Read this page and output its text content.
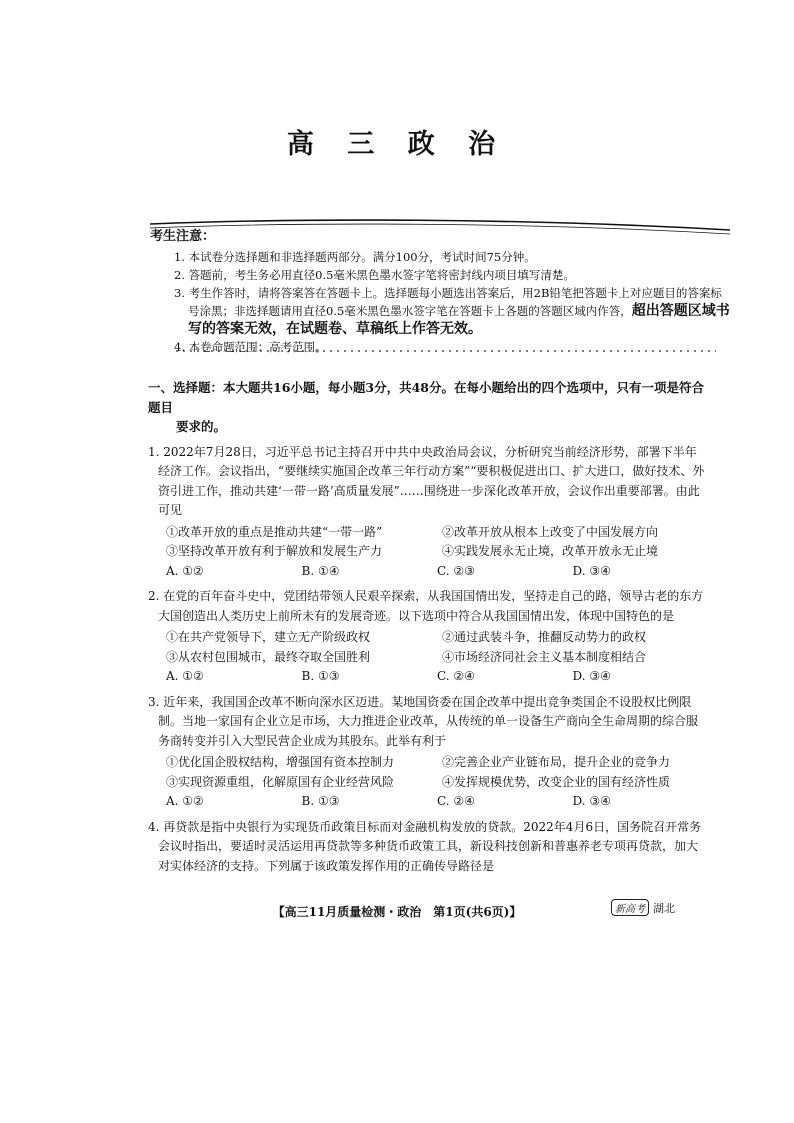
高 三 政 治
考生注意：
1. 本试卷分选择题和非选择题两部分。满分100分，考试时间75分钟。
2. 答题前，考生务必用直径0.5毫米黑色墨水签字笔将密封线内项目填写清楚。
3. 考生作答时，请将答案答在答题卡上。选择题每小题选出答案后，用2B铅笔把答题卡上对应题目的答案标号涂黑；非选择题请用直径0.5毫米黑色墨水签字笔在答题卡上各题的答题区域内作答，超出答题区域书写的答案无效，在试题卷、草稿纸上作答无效。
4. 本卷命题范围：高考范围。
一、选择题：本大题共16小题，每小题3分，共48分。在每小题给出的四个选项中，只有一项是符合题目
要求的。

1. 2022年7月28日，习近平总书记主持召开中共中央政治局会议，分析研究当前经济形势，部署下半年经济工作。会议指出，“要继续实施国企改革三年行动方案”“要积极促进出口、扩大进口，做好技术、外资引进工作，推动共建‘一带一路’高质量发展”……围绕进一步深化改革开放，会议作出重要部署。由此可见

①改革开放的重点是推动共建“一带一路”	②改革开放从根本上改变了中国发展方向
③坚持改革开放有利于解放和发展生产力	④实践发展永无止境，改革开放永无止境
A. ①②	B. ①④	C. ②③	D. ③④

2. 在党的百年奋斗史中，党团结带领人民艰辛探索，从我国国情出发，坚持走自己的路，领导古老的东方大国创造出人类历史上前所未有的发展奇迹。以下选项中符合从我国国情出发，体现中国特色的是

①在共产党领导下，建立无产阶级政权	②通过武装斗争，推翻反动势力的政权
③从农村包围城市，最终夺取全国胜利	④市场经济同社会主义基本制度相结合
A. ①②	B. ①③	C. ②④	D. ③④

3. 近年来，我国国企改革不断向深水区迈进。某地国资委在国企改革中提出竞争类国企不设股权比例限制。当地一家国有企业立足市场，大力推进企业改革，从传统的单一设备生产商向全生命周期的综合服务商转变并引入大型民营企业成为其股东。此举有利于

①优化国企股权结构，增强国有资本控制力	②完善企业产业链布局，提升企业的竞争力
③实现资源重组，化解原国有企业经营风险	④发挥规模优势，改变企业的国有经济性质
A. ①②	B. ①③	C. ②④	D. ③④

4. 再贷款是指中央银行为实现货币政策目标而对金融机构发放的贷款。2022年4月6日，国务院召开常务会议时指出，要适时灵活运用再贷款等多种货币政策工具，新设科技创新和普惠养老专项再贷款，加大对实体经济的支持。下列属于该政策发挥作用的正确传导路径是

【高三11月质量检测・政治　第1页(共6页)】	新高考 湖北
